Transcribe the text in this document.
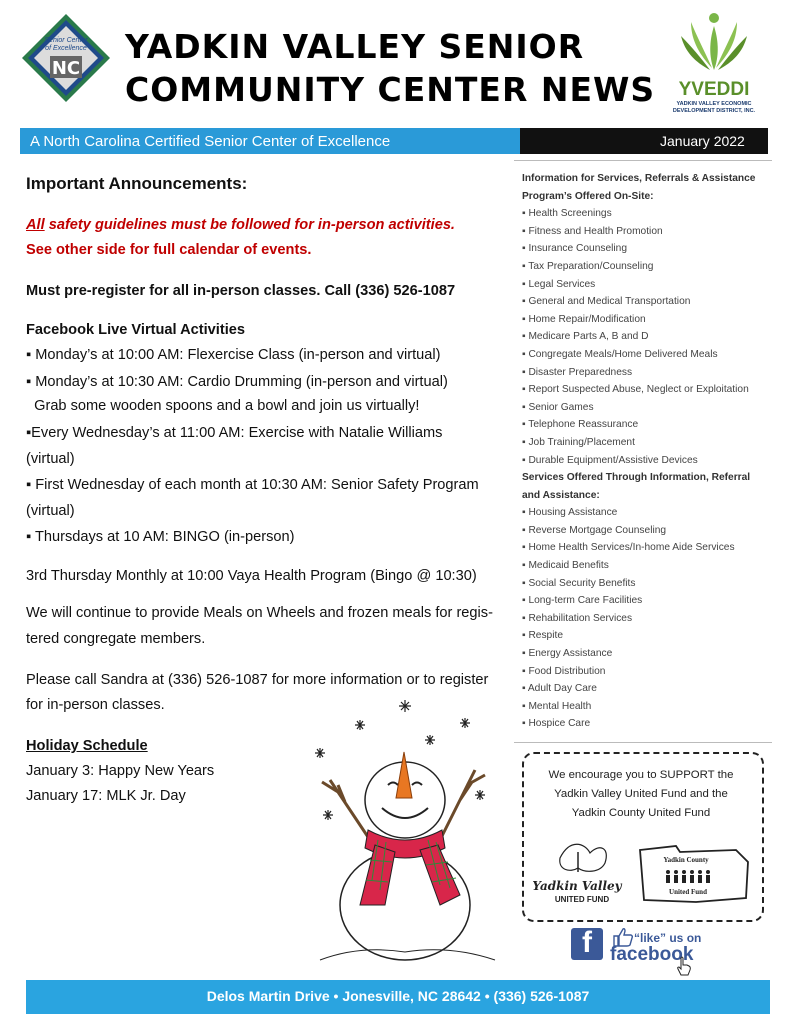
Senior Center
of Excellence
NC
YADKIN VALLEY SENIOR
COMMUNITY CENTER NEWS	YVEDDI
YADKIN VALLEY ECONOMIC
DEVELOPMENT DISTRICT, INC.
A North Carolina Certified Senior Center of Excellence	January 2022
Important Announcements:
All safety guidelines must be followed for in-person activities.
See other side for full calendar of events.
Must pre-register for all in-person classes. Call (336) 526-1087
Facebook Live Virtual Activities
▪ Monday’s at 10:00 AM: Flexercise Class (in-person and virtual)
▪ Monday’s at 10:30 AM: Cardio Drumming (in-person and virtual)
Grab some wooden spoons and a bowl and join us virtually!
▪Every Wednesday’s at 11:00 AM: Exercise with Natalie Williams
(virtual)
▪ First Wednesday of each month at 10:30 AM: Senior Safety Program
(virtual)
▪ Thursdays at 10 AM: BINGO (in-person)
3rd Thursday Monthly at 10:00 Vaya Health Program (Bingo @ 10:30)
We will continue to provide Meals on Wheels and frozen meals for regis-
tered congregate members.
Please call Sandra at (336) 526-1087 for more information or to register
for in-person classes.
Holiday Schedule
January 3: Happy New Years
January 17: MLK Jr. Day
Information for Services, Referrals & Assistance
Program’s Offered On-Site:
▪ Health Screenings
▪ Fitness and Health Promotion
▪ Insurance Counseling
▪ Tax Preparation/Counseling
▪ Legal Services
▪ General and Medical Transportation
▪ Home Repair/Modification
▪ Medicare Parts A, B and D
▪ Congregate Meals/Home Delivered Meals
▪ Disaster Preparedness
▪ Report Suspected Abuse, Neglect or Exploitation
▪ Senior Games
▪ Telephone Reassurance
▪ Job Training/Placement
▪ Durable Equipment/Assistive Devices
Services Offered Through Information, Referral
and Assistance:
▪ Housing Assistance
▪ Reverse Mortgage Counseling
▪ Home Health Services/In-home Aide Services
▪ Medicaid Benefits
▪ Social Security Benefits
▪ Long-term Care Facilities
▪ Rehabilitation Services
▪ Respite
▪ Energy Assistance
▪ Food Distribution
▪ Adult Day Care
▪ Mental Health
▪ Hospice Care
We encourage you to SUPPORT the
Yadkin Valley United Fund and the
Yadkin County United Fund
Yadkin Valley
UNITED FUND
Yadkin County
United Fund
f	“like” us on
facebook
Delos Martin Drive • Jonesville, NC 28642 • (336) 526-1087
